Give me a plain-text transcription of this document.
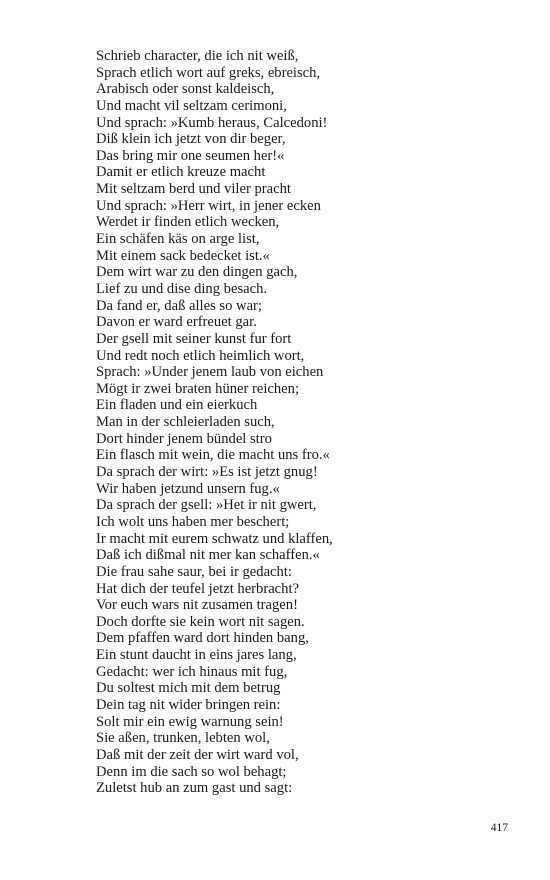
Schrieb character, die ich nit weiß,
Sprach etlich wort auf greks, ebreisch,
Arabisch oder sonst kaldeisch,
Und macht vil seltzam cerimoni,
Und sprach: »Kumb heraus, Calcedoni!
Diß klein ich jetzt von dir beger,
Das bring mir one seumen her!«
Damit er etlich kreuze macht
Mit seltzam berd und viler pracht
Und sprach: »Herr wirt, in jener ecken
Werdet ir finden etlich wecken,
Ein schäfen käs on arge list,
Mit einem sack bedecket ist.«
Dem wirt war zu den dingen gach,
Lief zu und dise ding besach.
Da fand er, daß alles so war;
Davon er ward erfreuet gar.
Der gsell mit seiner kunst fur fort
Und redt noch etlich heimlich wort,
Sprach: »Under jenem laub von eichen
Mögt ir zwei braten hüner reichen;
Ein fladen und ein eierkuch
Man in der schleierladen such,
Dort hinder jenem bündel stro
Ein flasch mit wein, die macht uns fro.«
Da sprach der wirt: »Es ist jetzt gnug!
Wir haben jetzund unsern fug.«
Da sprach der gsell: »Het ir nit gwert,
Ich wolt uns haben mer beschert;
Ir macht mit eurem schwatz und klaffen,
Daß ich dißmal nit mer kan schaffen.«
Die frau sahe saur, bei ir gedacht:
Hat dich der teufel jetzt herbracht?
Vor euch wars nit zusamen tragen!
Doch dorfte sie kein wort nit sagen.
Dem pfaffen ward dort hinden bang,
Ein stunt daucht in eins jares lang,
Gedacht: wer ich hinaus mit fug,
Du soltest mich mit dem betrug
Dein tag nit wider bringen rein:
Solt mir ein ewig warnung sein!
Sie aßen, trunken, lebten wol,
Daß mit der zeit der wirt ward vol,
Denn im die sach so wol behagt;
Zuletst hub an zum gast und sagt:
417
